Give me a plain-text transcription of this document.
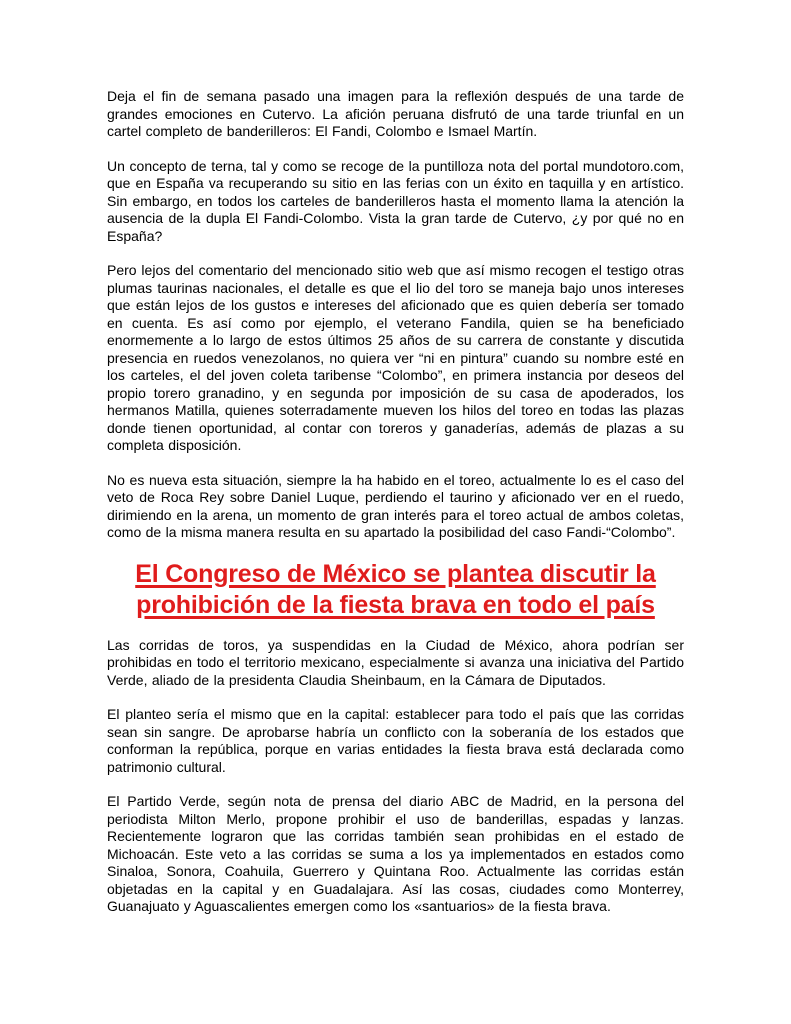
Deja el fin de semana pasado una imagen para la reflexión después de una tarde de grandes emociones en Cutervo. La afición peruana disfrutó de una tarde triunfal en un cartel completo de banderilleros: El Fandi, Colombo e Ismael Martín.

Un concepto de terna, tal y como se recoge de la puntilloza nota del portal mundotoro.com, que en España va recuperando su sitio en las ferias con un éxito en taquilla y en artístico. Sin embargo, en todos los carteles de banderilleros hasta el momento llama la atención la ausencia de la dupla El Fandi-Colombo. Vista la gran tarde de Cutervo, ¿y por qué no en España?

Pero lejos del comentario del mencionado sitio web que así mismo recogen el testigo otras plumas taurinas nacionales, el detalle es que el lio del toro se maneja bajo unos intereses que están lejos de los gustos e intereses del aficionado que es quien debería ser tomado en cuenta. Es así como por ejemplo, el veterano Fandila, quien se ha beneficiado enormemente a lo largo de estos últimos 25 años de su carrera de constante y discutida presencia en ruedos venezolanos, no quiera ver “ni en pintura” cuando su nombre esté en los carteles, el del joven coleta taribense “Colombo”, en primera instancia por deseos del propio torero granadino, y en segunda por imposición de su casa de apoderados, los hermanos Matilla, quienes soterradamente mueven los hilos del toreo en todas las plazas donde tienen oportunidad, al contar con toreros y ganaderías, además de plazas a su completa disposición.

No es nueva esta situación, siempre la ha habido en el toreo, actualmente lo es el caso del veto de Roca Rey sobre Daniel Luque, perdiendo el taurino y aficionado ver en el ruedo, dirimiendo en la arena, un momento de gran interés para el toreo actual de ambos coletas, como de la misma manera resulta en su apartado la posibilidad del caso Fandi-“Colombo”.

El Congreso de México se plantea discutir la prohibición de la fiesta brava en todo el país

Las corridas de toros, ya suspendidas en la Ciudad de México, ahora podrían ser prohibidas en todo el territorio mexicano, especialmente si avanza una iniciativa del Partido Verde, aliado de la presidenta Claudia Sheinbaum, en la Cámara de Diputados.

El planteo sería el mismo que en la capital: establecer para todo el país que las corridas sean sin sangre. De aprobarse habría un conflicto con la soberanía de los estados que conforman la república, porque en varias entidades la fiesta brava está declarada como patrimonio cultural.

El Partido Verde, según nota de prensa del diario ABC de Madrid, en la persona del periodista Milton Merlo, propone prohibir el uso de banderillas, espadas y lanzas. Recientemente lograron que las corridas también sean prohibidas en el estado de Michoacán. Este veto a las corridas se suma a los ya implementados en estados como Sinaloa, Sonora, Coahuila, Guerrero y Quintana Roo. Actualmente las corridas están objetadas en la capital y en Guadalajara. Así las cosas, ciudades como Monterrey, Guanajuato y Aguascalientes emergen como los «santuarios» de la fiesta brava.
